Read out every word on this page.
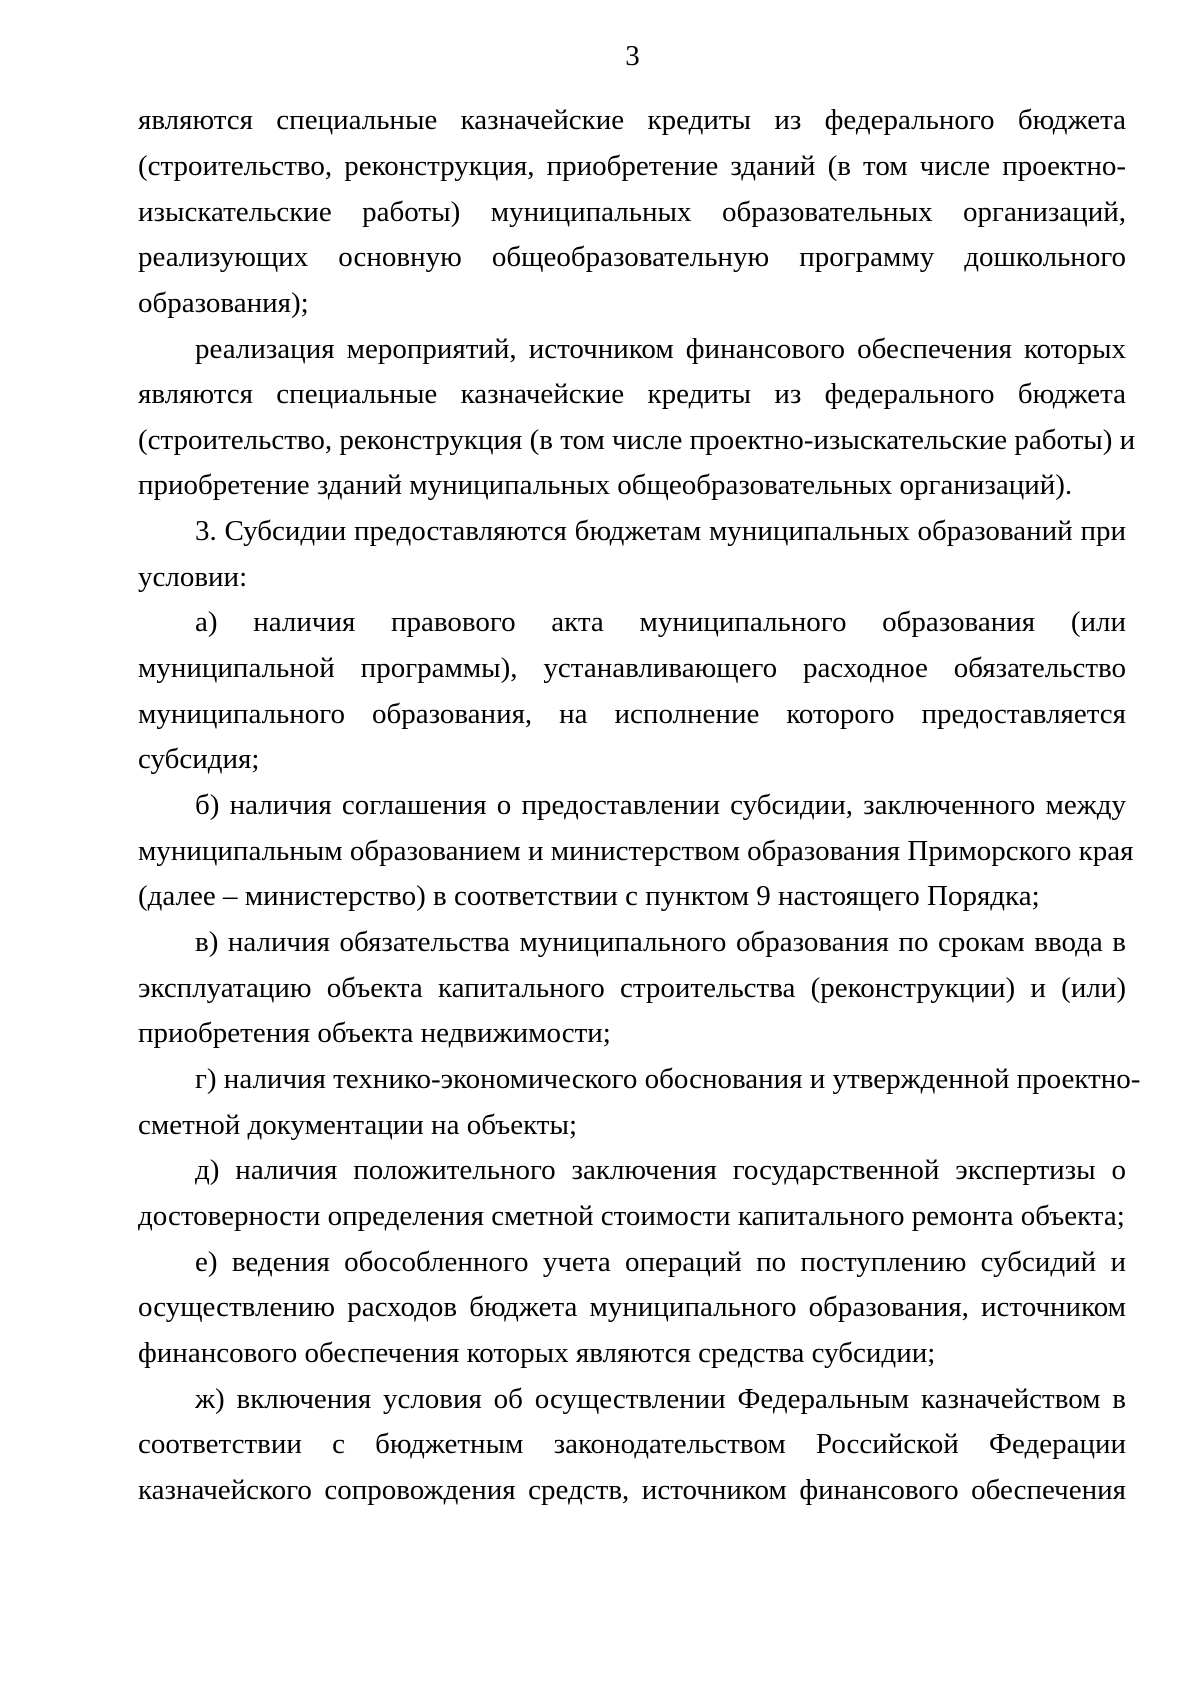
3
являются специальные казначейские кредиты из федерального бюджета
(строительство, реконструкция, приобретение зданий (в том числе проектно-
изыскательские работы) муниципальных образовательных организаций,
реализующих основную общеобразовательную программу дошкольного
образования);
реализация мероприятий, источником финансового обеспечения которых
являются специальные казначейские кредиты из федерального бюджета
(строительство, реконструкция (в том числе проектно-изыскательские работы) и
приобретение зданий муниципальных общеобразовательных организаций).
3. Субсидии предоставляются бюджетам муниципальных образований при
условии:
а) наличия правового акта муниципального образования (или
муниципальной программы), устанавливающего расходное обязательство
муниципального образования, на исполнение которого предоставляется
субсидия;
б) наличия соглашения о предоставлении субсидии, заключенного между
муниципальным образованием и министерством образования Приморского края
(далее – министерство) в соответствии с пунктом 9 настоящего Порядка;
в) наличия обязательства муниципального образования по срокам ввода в
эксплуатацию объекта капитального строительства (реконструкции) и (или)
приобретения объекта недвижимости;
г) наличия технико-экономического обоснования и утвержденной проектно-
сметной документации на объекты;
д) наличия положительного заключения государственной экспертизы о
достоверности определения сметной стоимости капитального ремонта объекта;
е) ведения обособленного учета операций по поступлению субсидий и
осуществлению расходов бюджета муниципального образования, источником
финансового обеспечения которых являются средства субсидии;
ж) включения условия об осуществлении Федеральным казначейством в
соответствии с бюджетным законодательством Российской Федерации
казначейского сопровождения средств, источником финансового обеспечения
